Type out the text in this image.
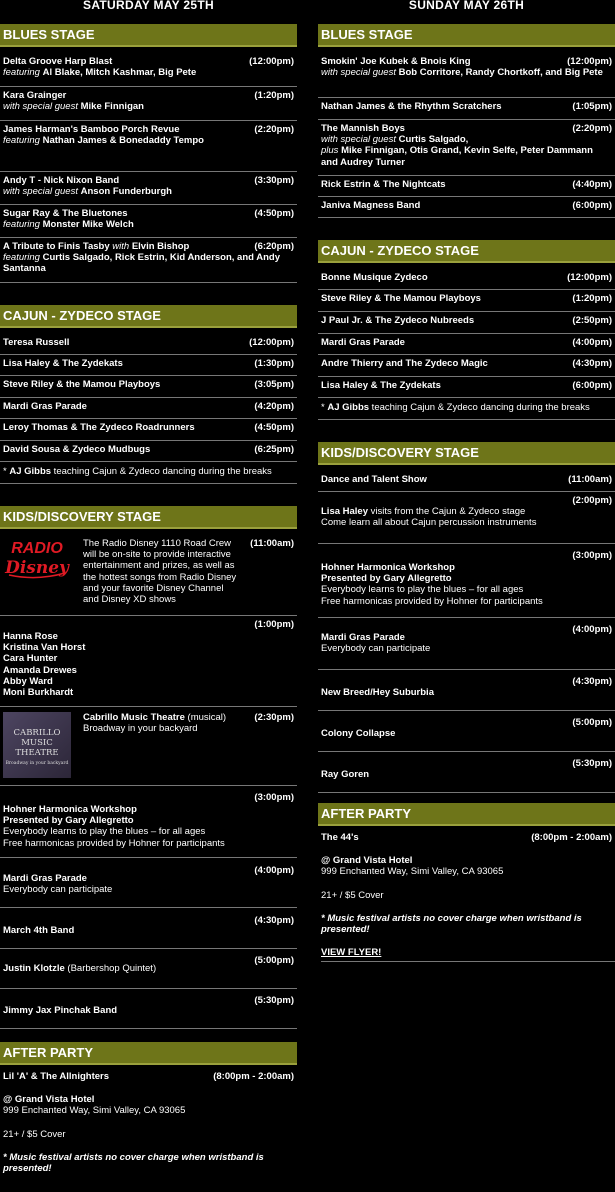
SATURDAY MAY 25TH
BLUES STAGE
(12:00pm)
Delta Groove Harp Blast
featuring Al Blake, Mitch Kashmar, Big Pete
(1:20pm)
Kara Grainger
with special guest Mike Finnigan
(2:20pm)
James Harman's Bamboo Porch Revue
featuring Nathan James & Bonedaddy Tempo
(3:30pm)
Andy T - Nick Nixon Band
with special guest Anson Funderburgh
(4:50pm)
Sugar Ray & The Bluetones
featuring Monster Mike Welch
(6:20pm)
A Tribute to Finis Tasby with Elvin Bishop
featuring Curtis Salgado, Rick Estrin, Kid Anderson, and Andy Santanna
CAJUN - ZYDECO STAGE
(12:00pm)
Teresa Russell
(1:30pm)
Lisa Haley & The Zydekats
(3:05pm)
Steve Riley & the Mamou Playboys
(4:20pm)
Mardi Gras Parade
(4:50pm)
Leroy Thomas & The Zydeco Roadrunners
(6:25pm)
David Sousa & Zydeco Mudbugs
* AJ Gibbs teaching Cajun & Zydeco dancing during the breaks
KIDS/DISCOVERY STAGE
RADIO
Disney
(11:00am)
The Radio Disney 1110 Road Crew will be on-site to provide interactive entertainment and prizes, as well as the hottest songs from Radio Disney and your favorite Disney Channel and Disney XD shows
(1:00pm)
Hanna Rose
Kristina Van Horst
Cara Hunter
Amanda Drewes
Abby Ward
Moni Burkhardt
CABRILLO
MUSIC
THEATRE
Broadway in your backyard
(2:30pm)
Cabrillo Music Theatre (musical)
Broadway in your backyard
(3:00pm)
Hohner Harmonica Workshop
Presented by Gary Allegretto
Everybody learns to play the blues – for all ages
Free harmonicas provided by Hohner for participants
(4:00pm)
Mardi Gras Parade
Everybody can participate
(4:30pm)
March 4th Band
(5:00pm)
Justin Klotzle (Barbershop Quintet)
(5:30pm)
Jimmy Jax Pinchak Band
AFTER PARTY
Lil 'A' & The Allnighters	(8:00pm - 2:00am)
@ Grand Vista Hotel
999 Enchanted Way, Simi Valley, CA 93065
21+ / $5 Cover
* Music festival artists no cover charge when wristband is presented!
SUNDAY MAY 26TH
BLUES STAGE
(12:00pm)
Smokin' Joe Kubek & Bnois King
with special guest Bob Corritore, Randy Chortkoff, and Big Pete
(1:05pm)
Nathan James & the Rhythm Scratchers
(2:20pm)
The Mannish Boys
with special guest Curtis Salgado,
plus Mike Finnigan, Otis Grand, Kevin Selfe, Peter Dammann and Audrey Turner
(4:40pm)
Rick Estrin & The Nightcats
(6:00pm)
Janiva Magness Band
CAJUN - ZYDECO STAGE
(12:00pm)
Bonne Musique Zydeco
(1:20pm)
Steve Riley & The Mamou Playboys
(2:50pm)
J Paul Jr. & The Zydeco Nubreeds
(4:00pm)
Mardi Gras Parade
(4:30pm)
Andre Thierry and The Zydeco Magic
(6:00pm)
Lisa Haley & The Zydekats
* AJ Gibbs teaching Cajun & Zydeco dancing during the breaks
KIDS/DISCOVERY STAGE
(11:00am)
Dance and Talent Show
(2:00pm)
Lisa Haley visits from the Cajun & Zydeco stage
Come learn all about Cajun percussion instruments
(3:00pm)
Hohner Harmonica Workshop
Presented by Gary Allegretto
Everybody learns to play the blues – for all ages
Free harmonicas provided by Hohner for participants
(4:00pm)
Mardi Gras Parade
Everybody can participate
(4:30pm)
New Breed/Hey Suburbia
(5:00pm)
Colony Collapse
(5:30pm)
Ray Goren
AFTER PARTY
The 44's	(8:00pm - 2:00am)
@ Grand Vista Hotel
999 Enchanted Way, Simi Valley, CA 93065
21+ / $5 Cover
* Music festival artists no cover charge when wristband is presented!
VIEW FLYER!
